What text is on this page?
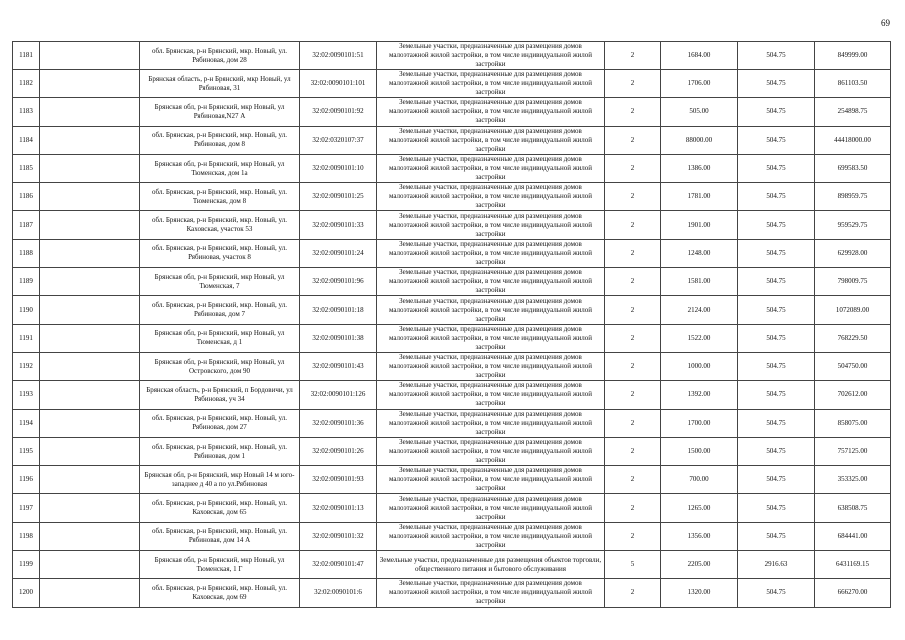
69
1181		обл. Брянская, р-н Брянский, мкр. Новый, ул. Рябиновая, дом 28	32:02:0090101:51	Земельные участки, предназначенные для размещения домов малоэтажной жилой застройки, в том числе индивидуальной жилой застройки	2	1684.00	504.75	849999.00
1182		Брянская область, р-н Брянский, мкр Новый, ул Рябиновая, 31	32:02:0090101:101	Земельные участки, предназначенные для размещения домов малоэтажной жилой застройки, в том числе индивидуальной жилой застройки	2	1706.00	504.75	861103.50
1183		Брянская обл, р-н Брянский, мкр Новый, ул Рябиновая,N27 А	32:02:0090101:92	Земельные участки, предназначенные для размещения домов малоэтажной жилой застройки, в том числе индивидуальной жилой застройки	2	505.00	504.75	254898.75
1184		обл. Брянская, р-н Брянский, мкр. Новый, ул. Рябиновая, дом 8	32:02:0320107:37	Земельные участки, предназначенные для размещения домов малоэтажной жилой застройки, в том числе индивидуальной жилой застройки	2	88000.00	504.75	44418000.00
1185		Брянская обл, р-н Брянский, мкр Новый, ул Тюменская, дом 1а	32:02:0090101:10	Земельные участки, предназначенные для размещения домов малоэтажной жилой застройки, в том числе индивидуальной жилой застройки	2	1386.00	504.75	699583.50
1186		обл. Брянская, р-н Брянский, мкр. Новый, ул. Тюменская, дом 8	32:02:0090101:25	Земельные участки, предназначенные для размещения домов малоэтажной жилой застройки, в том числе индивидуальной жилой застройки	2	1781.00	504.75	898959.75
1187		обл. Брянская, р-н Брянский, мкр. Новый, ул. Каховская, участок 53	32:02:0090101:33	Земельные участки, предназначенные для размещения домов малоэтажной жилой застройки, в том числе индивидуальной жилой застройки	2	1901.00	504.75	959529.75
1188		обл. Брянская, р-н Брянский, мкр. Новый, ул. Рябиновая, участок 8	32:02:0090101:24	Земельные участки, предназначенные для размещения домов малоэтажной жилой застройки, в том числе индивидуальной жилой застройки	2	1248.00	504.75	629928.00
1189		Брянская обл, р-н Брянский, мкр Новый, ул Тюменская, 7	32:02:0090101:96	Земельные участки, предназначенные для размещения домов малоэтажной жилой застройки, в том числе индивидуальной жилой застройки	2	1581.00	504.75	798009.75
1190		обл. Брянская, р-н Брянский, мкр. Новый, ул. Рябиновая, дом 7	32:02:0090101:18	Земельные участки, предназначенные для размещения домов малоэтажной жилой застройки, в том числе индивидуальной жилой застройки	2	2124.00	504.75	1072089.00
1191		Брянская обл, р-н Брянский, мкр Новый, ул Тюменская, д 1	32:02:0090101:38	Земельные участки, предназначенные для размещения домов малоэтажной жилой застройки, в том числе индивидуальной жилой застройки	2	1522.00	504.75	768229.50
1192		Брянская обл, р-н Брянский, мкр Новый, ул Островского, дом 90	32:02:0090101:43	Земельные участки, предназначенные для размещения домов малоэтажной жилой застройки, в том числе индивидуальной жилой застройки	2	1000.00	504.75	504750.00
1193		Брянская область, р-н Брянский, п Бордовичи, ул Рябиновая, уч 34	32:02:0090101:126	Земельные участки, предназначенные для размещения домов малоэтажной жилой застройки, в том числе индивидуальной жилой застройки	2	1392.00	504.75	702612.00
1194		обл. Брянская, р-н Брянский, мкр. Новый, ул. Рябиновая, дом 27	32:02:0090101:36	Земельные участки, предназначенные для размещения домов малоэтажной жилой застройки, в том числе индивидуальной жилой застройки	2	1700.00	504.75	858075.00
1195		обл. Брянская, р-н Брянский, мкр. Новый, ул. Рябиновая, дом 1	32:02:0090101:26	Земельные участки, предназначенные для размещения домов малоэтажной жилой застройки, в том числе индивидуальной жилой застройки	2	1500.00	504.75	757125.00
1196		Брянская обл, р-н Брянский, мкр Новый 14 м юго-западнее д 40 а по ул.Рябиновая	32:02:0090101:93	Земельные участки, предназначенные для размещения домов малоэтажной жилой застройки, в том числе индивидуальной жилой застройки	2	700.00	504.75	353325.00
1197		обл. Брянская, р-н Брянский, мкр. Новый, ул. Каховская, дом 65	32:02:0090101:13	Земельные участки, предназначенные для размещения домов малоэтажной жилой застройки, в том числе индивидуальной жилой застройки	2	1265.00	504.75	638508.75
1198		обл. Брянская, р-н Брянский, мкр. Новый, ул. Рябиновая, дом 14 А	32:02:0090101:32	Земельные участки, предназначенные для размещения домов малоэтажной жилой застройки, в том числе индивидуальной жилой застройки	2	1356.00	504.75	684441.00
1199		Брянская обл, р-н Брянский, мкр Новый, ул Тюменская, 1 Г	32:02:0090101:47	Земельные участки, предназначенные для размещения объектов торговли, общественного питания и бытового обслуживания	5	2205.00	2916.63	6431169.15
1200		обл. Брянская, р-н Брянский, мкр. Новый, ул. Каховская, дом 69	32:02:0090101:6	Земельные участки, предназначенные для размещения домов малоэтажной жилой застройки, в том числе индивидуальной жилой застройки	2	1320.00	504.75	666270.00
